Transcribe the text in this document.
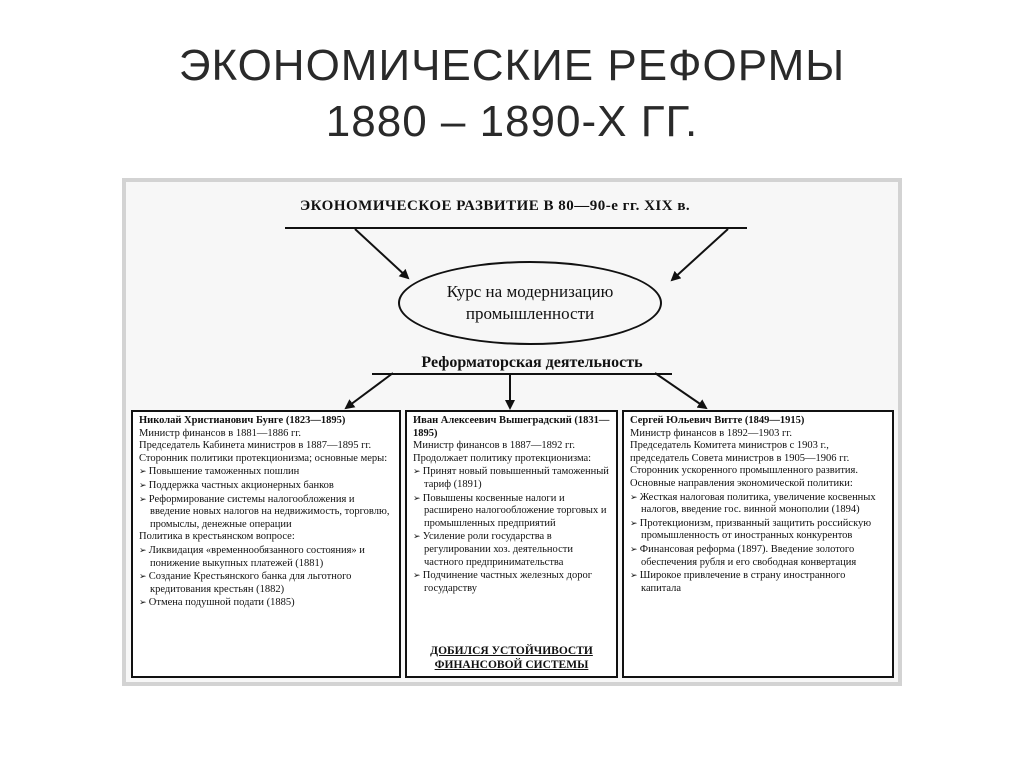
ЭКОНОМИЧЕСКИЕ РЕФОРМЫ
1880 – 1890-Х ГГ.
ЭКОНОМИЧЕСКОЕ РАЗВИТИЕ В 80—90-е гг. XIX в.
Курс на модернизацию промышленности
Реформаторская деятельность
Николай Христианович Бунге (1823—1895)
Министр финансов в 1881—1886 гг.
Председатель Кабинета министров в 1887—1895 гг.
Сторонник политики протекционизма; основные меры:
➢ Повышение таможенных пошлин
➢ Поддержка частных акционерных банков
➢ Реформирование системы налогообложения и введение новых налогов на недвижимость, торговлю, промыслы, денежные операции
Политика в крестьянском вопросе:
➢ Ликвидация «временнообязанного состояния» и понижение выкупных платежей (1881)
➢ Создание Крестьянского банка для льготного кредитования крестьян (1882)
➢ Отмена подушной подати (1885)
Иван Алексеевич Вышеградский (1831—1895)
Министр финансов в 1887—1892 гг.
Продолжает политику протекционизма:
➢ Принят новый повышенный таможенный тариф (1891)
➢ Повышены косвенные налоги и расширено налогообложение торговых и промышленных предприятий
➢ Усиление роли государства в регулировании хоз. деятельности частного предпринимательства
➢ Подчинение частных железных дорог государству
ДОБИЛСЯ УСТОЙЧИВОСТИ ФИНАНСОВОЙ СИСТЕМЫ
Сергей Юльевич Витте (1849—1915)
Министр финансов в 1892—1903 гг.
Председатель Комитета министров с 1903 г., председатель Совета министров в 1905—1906 гг.
Сторонник ускоренного промышленного развития.
Основные направления экономической политики:
➢ Жесткая налоговая политика, увеличение косвенных налогов, введение гос. винной монополии (1894)
➢ Протекционизм, призванный защитить российскую промышленность от иностранных конкурентов
➢ Финансовая реформа (1897). Введение золотого обеспечения рубля и его свободная конвертация
➢ Широкое привлечение в страну иностранного капитала
